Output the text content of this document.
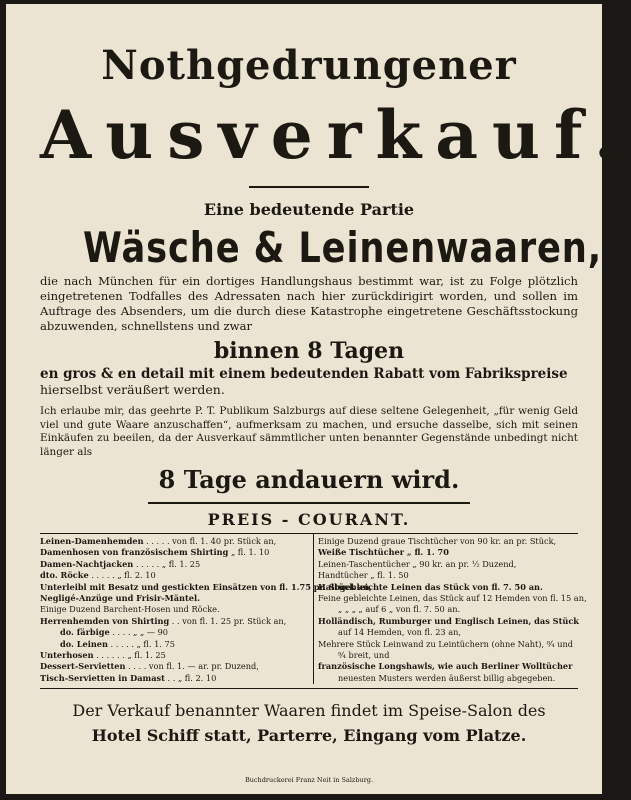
Nothgedrungener
Ausverkauf.
Eine bedeutende Partie
Wäsche & Leinenwaaren,
die nach München für ein dortiges Handlungshaus bestimmt war, ist zu Folge plötzlich eingetretenen Todfalles des Adressaten nach hier zurückdirigirt worden, und sollen im Auftrage des Absenders, um die durch diese Katastrophe eingetretene Geschäftsstockung abzuwenden, schnellstens und zwar
binnen 8 Tagen
en gros & en detail mit einem bedeutenden Rabatt vom Fabrikspreise
hierselbst veräußert werden.
Ich erlaube mir, das geehrte P. T. Publikum Salzburgs auf diese seltene Gelegenheit, „für wenig Geld viel und gute Waare anzuschaffen“, aufmerksam zu machen, und ersuche dasselbe, sich mit seinen Einkäufen zu beeilen, da der Ausverkauf sämmtlicher unten benannter Gegenstände unbedingt nicht länger als
8 Tage andauern wird.
PREIS - COURANT.
Leinen-Damenhemden . . . . . von fl. 1. 40 pr. Stück an,
Damenhosen von französischem Shirting „ fl. 1. 10
Damen-Nachtjacken . . . . . „ fl. 1. 25
dto. Röcke . . . . . „ fl. 2. 10
Unterleibl mit Besatz und gestickten Einsätzen von fl. 1.75 pr. Stück an,
Negligé-Anzüge und Frisir-Mäntel.
Einige Duzend Barchent-Hosen und Röcke.
Herrenhemden von Shirting . . von fl. 1. 25 pr. Stück an,
do. färbige . . . . „ „ — 90
do. Leinen . . . . . „ fl. 1. 75
Unterhosen . . . . . . „ fl. 1. 25
Dessert-Servietten . . . . von fl. 1. — ar. pr. Duzend,
Tisch-Servietten in Damast . . „ fl. 2. 10
Einige Duzend graue Tischtücher von 90 kr. an pr. Stück,
Weiße Tischtücher „ fl. 1. 70
Leinen-Taschentücher „ 90 kr. an pr. ½ Duzend,
Handtücher „ fl. 1. 50
Halbgebleichte Leinen das Stück von fl. 7. 50 an.
Feine gebleichte Leinen, das Stück auf 12 Hemden von fl. 15 an,
„ „ „ „ auf 6 „ von fl. 7. 50 an.
Holländisch, Rumburger und Englisch Leinen, das Stück
auf 14 Hemden, von fl. 23 an,
Mehrere Stück Leinwand zu Leintüchern (ohne Naht), ⁸⁄₄ und
⁹⁄₄ breit, und
französische Longshawls, wie auch Berliner Wolltücher
neuesten Musters werden äußerst billig abgegeben.
Der Verkauf benannter Waaren findet im Speise-Salon des
Hotel Schiff statt, Parterre, Eingang vom Platze.
Buchdruckerei Franz Neit in Salzburg.
